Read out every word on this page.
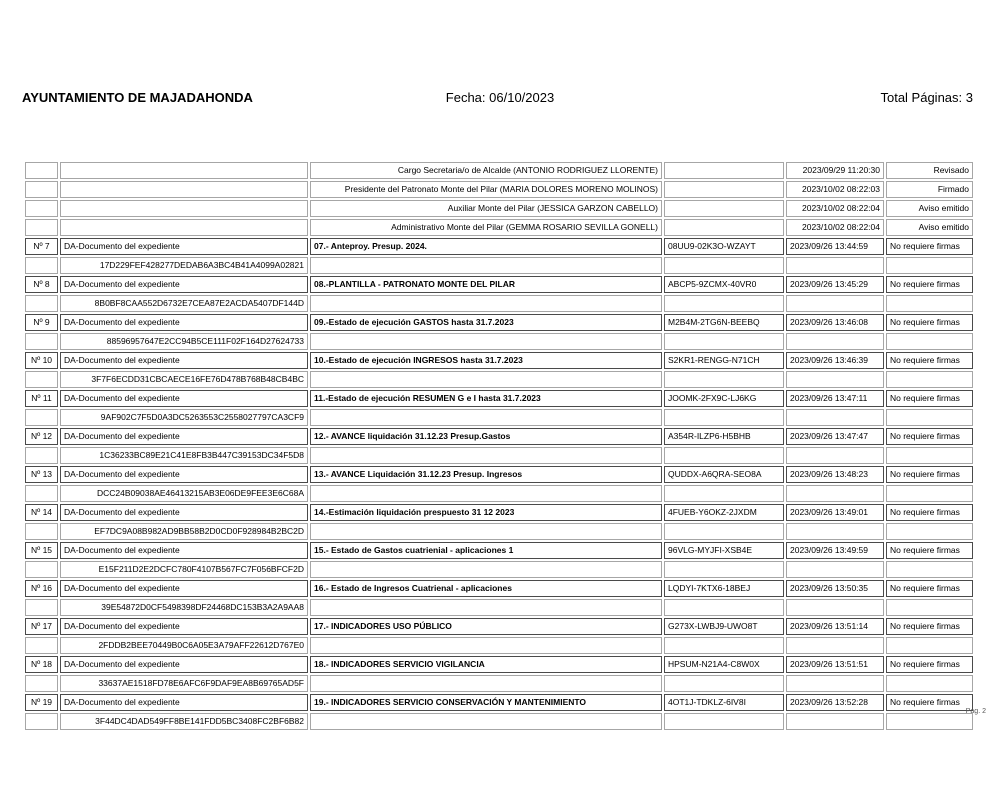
AYUNTAMIENTO DE MAJADAHONDA	Fecha: 06/10/2023	Total Páginas: 3
		Cargo Secretaria/o de Alcalde (ANTONIO RODRIGUEZ LLORENTE)		2023/09/29 11:20:30	Revisado
		Presidente del Patronato Monte del Pilar (MARIA DOLORES MORENO MOLINOS)		2023/10/02 08:22:03	Firmado
		Auxiliar Monte del Pilar (JESSICA GARZON CABELLO)		2023/10/02 08:22:04	Aviso emitido
		Administrativo Monte del Pilar (GEMMA ROSARIO SEVILLA GONELL)		2023/10/02 08:22:04	Aviso emitido
Nº 7	DA-Documento del expediente	07.- Anteproy. Presup. 2024.	08UU9-02K3O-WZAYT	2023/09/26 13:44:59	No requiere firmas
	17D229FEF428277DEDAB6A3BC4B41A4099A02821				
Nº 8	DA-Documento del expediente	08.-PLANTILLA - PATRONATO MONTE DEL PILAR	ABCP5-9ZCMX-40VR0	2023/09/26 13:45:29	No requiere firmas
	8B0BF8CAA552D6732E7CEA87E2ACDA5407DF144D				
Nº 9	DA-Documento del expediente	09.-Estado de ejecución GASTOS hasta 31.7.2023	M2B4M-2TG6N-BEEBQ	2023/09/26 13:46:08	No requiere firmas
	88596957647E2CC94B5CE111F02F164D27624733				
Nº 10	DA-Documento del expediente	10.-Estado de ejecución INGRESOS hasta 31.7.2023	S2KR1-RENGG-N71CH	2023/09/26 13:46:39	No requiere firmas
	3F7F6ECDD31CBCAECE16FE76D478B768B48CB4BC				
Nº 11	DA-Documento del expediente	11.-Estado de ejecución RESUMEN G e I hasta 31.7.2023	JOOMK-2FX9C-LJ6KG	2023/09/26 13:47:11	No requiere firmas
	9AF902C7F5D0A3DC5263553C2558027797CA3CF9				
Nº 12	DA-Documento del expediente	12.- AVANCE liquidación 31.12.23 Presup.Gastos	A354R-ILZP6-H5BHB	2023/09/26 13:47:47	No requiere firmas
	1C36233BC89E21C41E8FB3B447C39153DC34F5D8				
Nº 13	DA-Documento del expediente	13.- AVANCE Liquidación 31.12.23 Presup. Ingresos	QUDDX-A6QRA-SEO8A	2023/09/26 13:48:23	No requiere firmas
	DCC24B09038AE46413215AB3E06DE9FEE3E6C68A				
Nº 14	DA-Documento del expediente	14.-Estimación liquidación prespuesto 31 12 2023	4FUEB-Y6OKZ-2JXDM	2023/09/26 13:49:01	No requiere firmas
	EF7DC9A08B982AD9BB58B2D0CD0F928984B2BC2D				
Nº 15	DA-Documento del expediente	15.- Estado de Gastos cuatrienial - aplicaciones 1	96VLG-MYJFI-XSB4E	2023/09/26 13:49:59	No requiere firmas
	E15F211D2E2DCFC780F4107B567FC7F056BFCF2D				
Nº 16	DA-Documento del expediente	16.- Estado de Ingresos Cuatrienal - aplicaciones	LQDYI-7KTX6-18BEJ	2023/09/26 13:50:35	No requiere firmas
	39E54872D0CF5498398DF24468DC153B3A2A9AA8				
Nº 17	DA-Documento del expediente	17.- INDICADORES USO PÚBLICO	G273X-LWBJ9-UWO8T	2023/09/26 13:51:14	No requiere firmas
	2FDDB2BEE70449B0C6A05E3A79AFF22612D767E0				
Nº 18	DA-Documento del expediente	18.- INDICADORES SERVICIO VIGILANCIA	HPSUM-N21A4-C8W0X	2023/09/26 13:51:51	No requiere firmas
	33637AE1518FD78E6AFC6F9DAF9EA8B69765AD5F				
Nº 19	DA-Documento del expediente	19.- INDICADORES SERVICIO CONSERVACIÓN Y MANTENIMIENTO	4OT1J-TDKLZ-6IV8I	2023/09/26 13:52:28	No requiere firmas
	3F44DC4DAD549FF8BE141FDD5BC3408FC2BF6B82				
Pag. 2
